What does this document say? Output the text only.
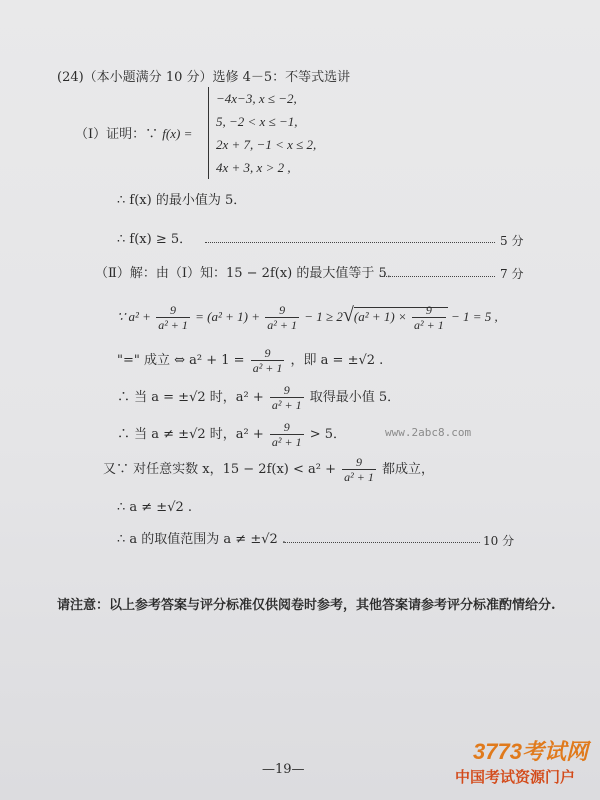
(24)（本小题满分 10 分）选修 4－5：不等式选讲
（Ⅰ）证明：∵ f(x) =
−4x−3, x ≤ −2,
5, −2 < x ≤ −1,
2x + 7, −1 < x ≤ 2,
4x + 3, x > 2 ,
∴ f(x) 的最小值为 5．
∴ f(x) ≥ 5．	5 分
（Ⅱ）解：由（Ⅰ）知：15 − 2f(x) 的最大值等于 5．	7 分
∵ $a^2 + \frac{9}{\text{a² + 1}} = (a^2 + 1) + \frac{9}{\text{a² + 1}} - 1 \ge 2√(a^2 + 1) \times \frac{9}{\text{a² + 1}} - 1 = 5$ ,
"=" 成立 ⇔ $a^2 + 1 = \frac{9}{\text{a² + 1}}$ ，即 a = ±√2 .
∴ 当 a = ±√2 时，$a^2 + \frac{9}{\text{a² + 1}}$ 取得最小值 5．
∴ 当 a ≠ ±√2 时，$a^2 + \frac{9}{\text{a² + 1}} > 5$．	www.2abc8.com
又∵ 对任意实数 x，$15 - 2f(x) < a^2 + \frac{9}{\text{a² + 1}}$ 都成立，
∴ a ≠ ±√2 .
∴ a 的取值范围为 a ≠ ±√2 .	10 分
请注意：以上参考答案与评分标准仅供阅卷时参考，其他答案请参考评分标准酌情给分.
—19—
3773考试网
中国考试资源门户
